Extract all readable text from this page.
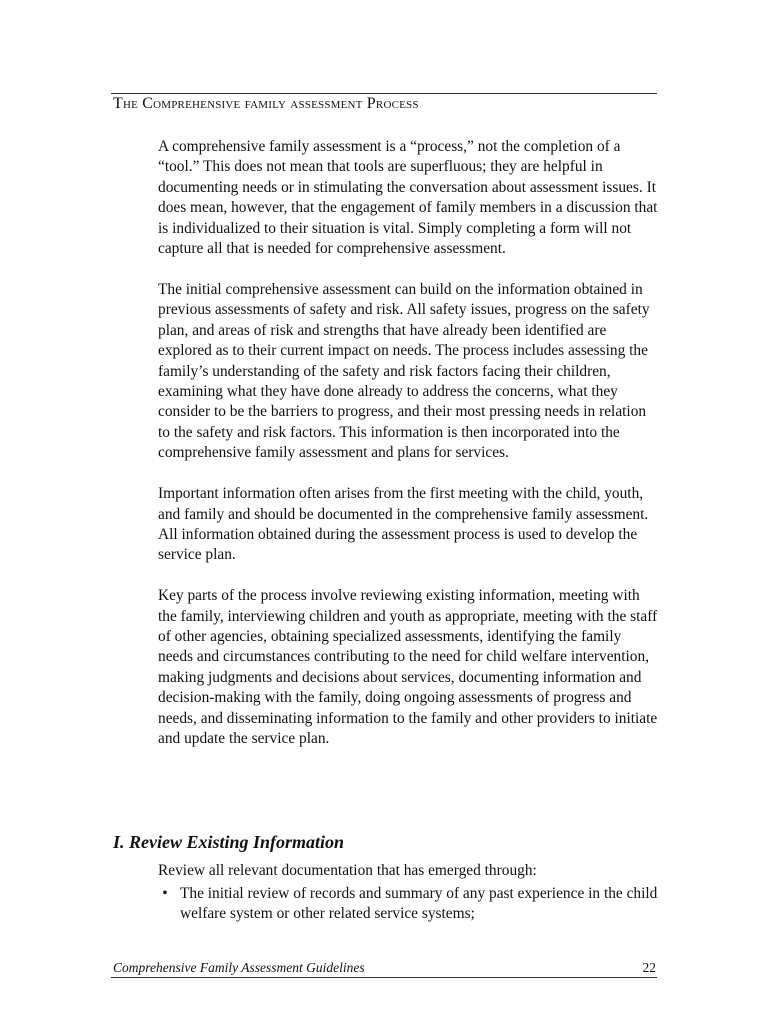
The Comprehensive family assessment Process

A comprehensive family assessment is a “process,” not the completion of a “tool.” This does not mean that tools are superfluous; they are helpful in documenting needs or in stimulating the conversation about assessment issues. It does mean, however, that the engagement of family members in a discussion that is individualized to their situation is vital. Simply completing a form will not capture all that is needed for comprehensive assessment.

The initial comprehensive assessment can build on the information obtained in previous assessments of safety and risk. All safety issues, progress on the safety plan, and areas of risk and strengths that have already been identified are explored as to their current impact on needs. The process includes assessing the family’s understanding of the safety and risk factors facing their children, examining what they have done already to address the concerns, what they consider to be the barriers to progress, and their most pressing needs in relation to the safety and risk factors. This information is then incorporated into the comprehensive family assessment and plans for services.

Important information often arises from the first meeting with the child, youth, and family and should be documented in the comprehensive family assessment. All information obtained during the assessment process is used to develop the service plan.

Key parts of the process involve reviewing existing information, meeting with the family, interviewing children and youth as appropriate, meeting with the staff of other agencies, obtaining specialized assessments, identifying the family needs and circumstances contributing to the need for child welfare intervention, making judgments and decisions about services, documenting information and decision-making with the family, doing ongoing assessments of progress and needs, and disseminating information to the family and other providers to initiate and update the service plan.

I. Review Existing Information
Review all relevant documentation that has emerged through:
• The initial review of records and summary of any past experience in the child welfare system or other related service systems;
Comprehensive Family Assessment Guidelines	22
